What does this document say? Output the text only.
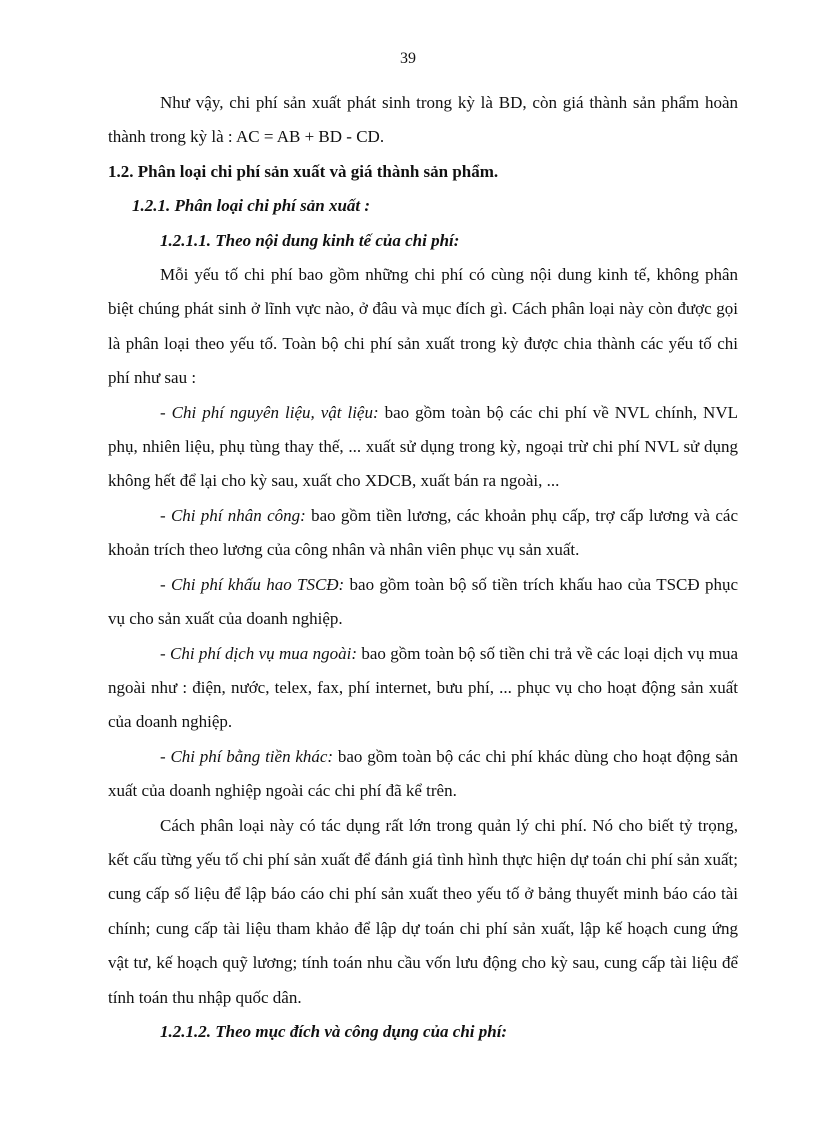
39

Như vậy, chi phí sản xuất phát sinh trong kỳ là BD, còn giá thành sản phẩm hoàn thành trong kỳ là : AC = AB + BD - CD.

1.2. Phân loại chi phí sản xuất và giá thành sản phẩm.

1.2.1. Phân loại chi phí sản xuất :

1.2.1.1. Theo nội dung kinh tế của chi phí:

Mỗi yếu tố chi phí bao gồm những chi phí có cùng nội dung kinh tế, không phân biệt chúng phát sinh ở lĩnh vực nào, ở đâu và mục đích gì. Cách phân loại này còn được gọi là phân loại theo yếu tố. Toàn bộ chi phí sản xuất trong kỳ được chia thành các yếu tố chi phí như sau :

- Chi phí nguyên liệu, vật liệu: bao gồm toàn bộ các chi phí về NVL chính, NVL phụ, nhiên liệu, phụ tùng thay thế, ... xuất sử dụng trong kỳ, ngoại trừ chi phí NVL sử dụng không hết để lại cho kỳ sau, xuất cho XDCB, xuất bán ra ngoài, ...

- Chi phí nhân công: bao gồm tiền lương, các khoản phụ cấp, trợ cấp lương và các khoản trích theo lương của công nhân và nhân viên phục vụ sản xuất.

- Chi phí khấu hao TSCĐ: bao gồm toàn bộ số tiền trích khấu hao của TSCĐ phục vụ cho sản xuất của doanh nghiệp.

- Chi phí dịch vụ mua ngoài: bao gồm toàn bộ số tiền chi trả về các loại dịch vụ mua ngoài như : điện, nước, telex, fax, phí internet, bưu phí, ... phục vụ cho hoạt động sản xuất của doanh nghiệp.

- Chi phí bằng tiền khác: bao gồm toàn bộ các chi phí khác dùng cho hoạt động sản xuất của doanh nghiệp ngoài các chi phí đã kể trên.

Cách phân loại này có tác dụng rất lớn trong quản lý chi phí. Nó cho biết tỷ trọng, kết cấu từng yếu tố chi phí sản xuất để đánh giá tình hình thực hiện dự toán chi phí sản xuất; cung cấp số liệu để lập báo cáo chi phí sản xuất theo yếu tố ở bảng thuyết minh báo cáo tài chính; cung cấp tài liệu tham khảo để lập dự toán chi phí sản xuất, lập kế hoạch cung ứng vật tư, kế hoạch quỹ lương; tính toán nhu cầu vốn lưu động cho kỳ sau, cung cấp tài liệu để tính toán thu nhập quốc dân.

1.2.1.2. Theo mục đích và công dụng của chi phí:
